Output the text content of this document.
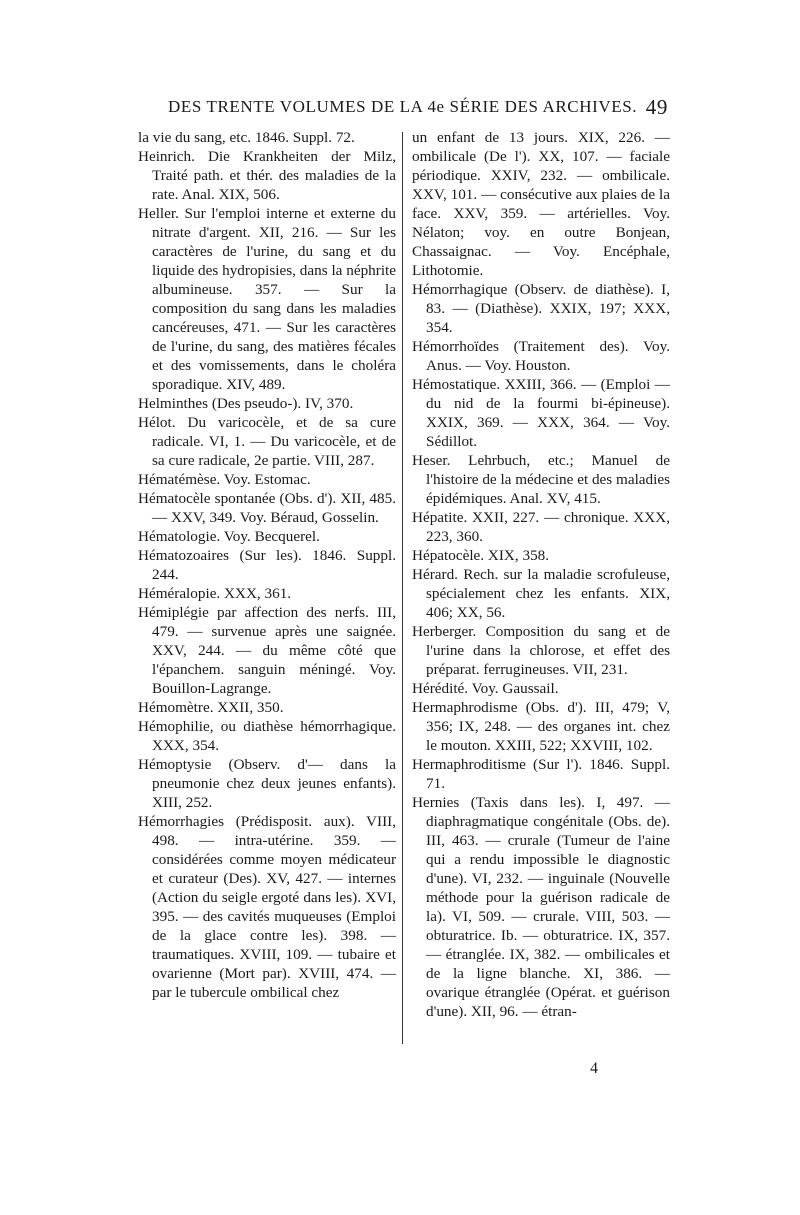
DES TRENTE VOLUMES DE LA 4e SÉRIE DES ARCHIVES. 49

la vie du sang, etc. 1846. Suppl. 72.

Heinrich. Die Krankheiten der Milz, Traité path. et thér. des maladies de la rate. Anal. XIX, 506.

Heller. Sur l'emploi interne et externe du nitrate d'argent. XII, 216. — Sur les caractères de l'urine, du sang et du liquide des hydropisies, dans la néphrite albumineuse. 357. — Sur la composition du sang dans les maladies cancéreuses, 471. — Sur les caractères de l'urine, du sang, des matières fécales et des vomissements, dans le choléra sporadique. XIV, 489.

Helminthes (Des pseudo-). IV, 370.

Hélot. Du varicocèle, et de sa cure radicale. VI, 1. — Du varicocèle, et de sa cure radicale, 2e partie. VIII, 287.

Hématémèse. Voy. Estomac.

Hématocèle spontanée (Obs. d'). XII, 485. — XXV, 349. Voy. Béraud, Gosselin.

Hématologie. Voy. Becquerel.

Hématozoaires (Sur les). 1846. Suppl. 244.

Héméralopie. XXX, 361.

Hémiplégie par affection des nerfs. III, 479. — survenue après une saignée. XXV, 244. — du même côté que l'épanchem. sanguin méningé. Voy. Bouillon-Lagrange.

Hémomètre. XXII, 350.

Hémophilie, ou diathèse hémorrhagique. XXX, 354.

Hémoptysie (Observ. d'— dans la pneumonie chez deux jeunes enfants). XIII, 252.

Hémorrhagies (Prédisposit. aux). VIII, 498. — intra-utérine. 359. — considérées comme moyen médicateur et curateur (Des). XV, 427. — internes (Action du seigle ergoté dans les). XVI, 395. — des cavités muqueuses (Emploi de la glace contre les). 398. — traumatiques. XVIII, 109. — tubaire et ovarienne (Mort par). XVIII, 474. — par le tubercule ombilical chez

un enfant de 13 jours. XIX, 226. — ombilicale (De l'). XX, 107. — faciale périodique. XXIV, 232. — ombilicale. XXV, 101. — consécutive aux plaies de la face. XXV, 359. — artérielles. Voy. Nélaton; voy. en outre Bonjean, Chassaignac. — Voy. Encéphale, Lithotomie.

Hémorrhagique (Observ. de diathèse). I, 83. — (Diathèse). XXIX, 197; XXX, 354.

Hémorrhoïdes (Traitement des). Voy. Anus. — Voy. Houston.

Hémostatique. XXIII, 366. — (Emploi — du nid de la fourmi bi-épineuse). XXIX, 369. — XXX, 364. — Voy. Sédillot.

Heser. Lehrbuch, etc.; Manuel de l'histoire de la médecine et des maladies épidémiques. Anal. XV, 415.

Hépatite. XXII, 227. — chronique. XXX, 223, 360.

Hépatocèle. XIX, 358.

Hérard. Rech. sur la maladie scrofuleuse, spécialement chez les enfants. XIX, 406; XX, 56.

Herberger. Composition du sang et de l'urine dans la chlorose, et effet des préparat. ferrugineuses. VII, 231.

Hérédité. Voy. Gaussail.

Hermaphrodisme (Obs. d'). III, 479; V, 356; IX, 248. — des organes int. chez le mouton. XXIII, 522; XXVIII, 102.

Hermaphroditisme (Sur l'). 1846. Suppl. 71.

Hernies (Taxis dans les). I, 497. — diaphragmatique congénitale (Obs. de). III, 463. — crurale (Tumeur de l'aine qui a rendu impossible le diagnostic d'une). VI, 232. — inguinale (Nouvelle méthode pour la guérison radicale de la). VI, 509. — crurale. VIII, 503. — obturatrice. Ib. — obturatrice. IX, 357. — étranglée. IX, 382. — ombilicales et de la ligne blanche. XI, 386. — ovarique étranglée (Opérat. et guérison d'une). XII, 96. — étran-

4
